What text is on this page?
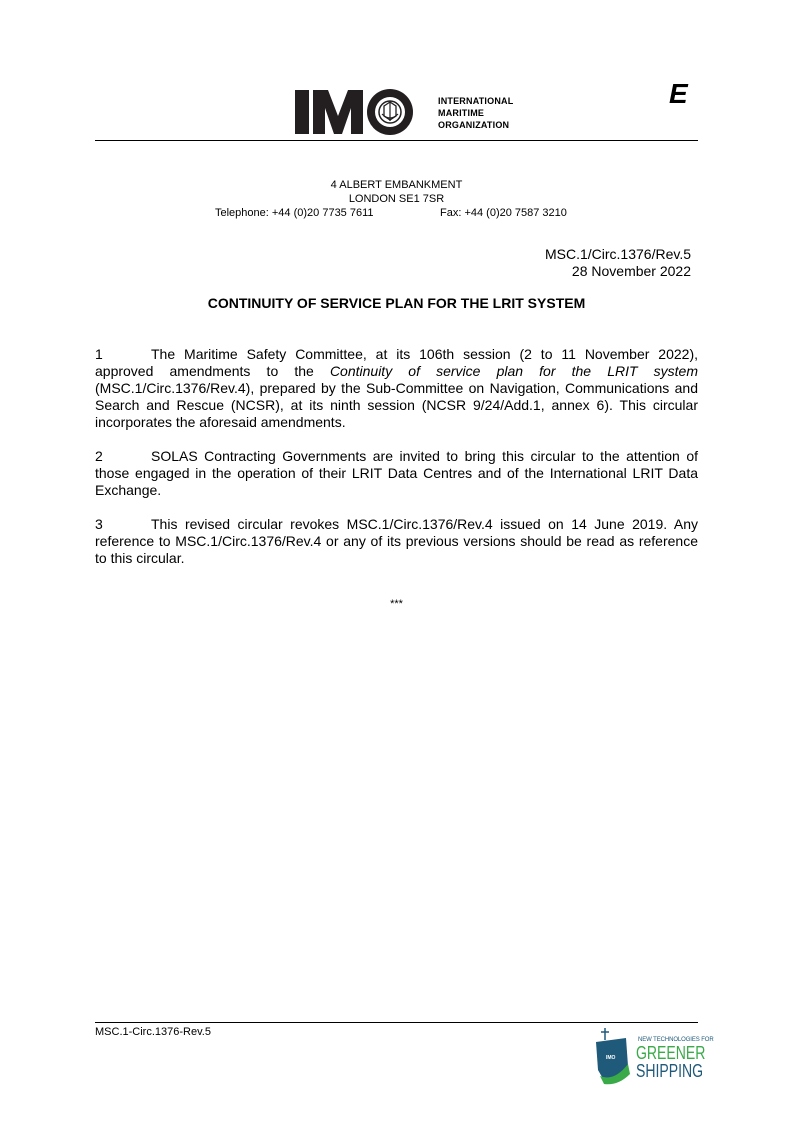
INTERNATIONAL
MARITIME
ORGANIZATION
E
4 ALBERT EMBANKMENT
LONDON SE1 7SR
Telephone: +44 (0)20 7735 7611	Fax: +44 (0)20 7587 3210
MSC.1/Circ.1376/Rev.5
28 November 2022
CONTINUITY OF SERVICE PLAN FOR THE LRIT SYSTEM

1	The Maritime Safety Committee, at its 106th session (2 to 11 November 2022), approved amendments to the Continuity of service plan for the LRIT system (MSC.1/Circ.1376/Rev.4), prepared by the Sub-Committee on Navigation, Communications and Search and Rescue (NCSR), at its ninth session (NCSR 9/24/Add.1, annex 6). This circular incorporates the aforesaid amendments.

2	SOLAS Contracting Governments are invited to bring this circular to the attention of those engaged in the operation of their LRIT Data Centres and of the International LRIT Data Exchange.

3	This revised circular revokes MSC.1/Circ.1376/Rev.4 issued on 14 June 2019. Any reference to MSC.1/Circ.1376/Rev.4 or any of its previous versions should be read as reference to this circular.

***
MSC.1-Circ.1376-Rev.5
IMO
NEW TECHNOLOGIES FOR
GREENER
SHIPPING
